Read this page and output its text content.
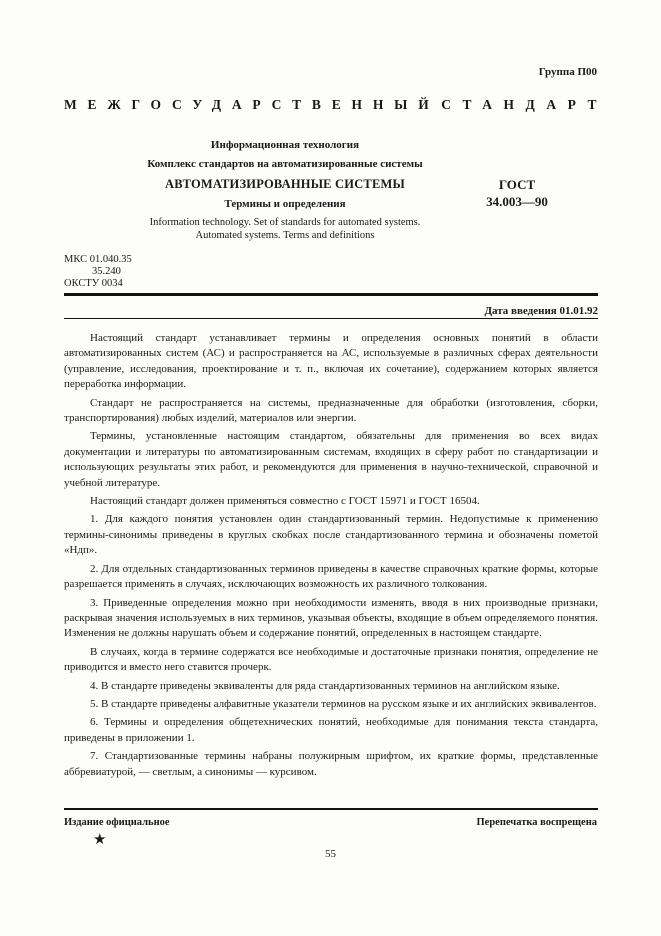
Группа П00
МЕЖГОСУДАРСТВЕННЫЙ СТАНДАРТ
Информационная технология
Комплекс стандартов на автоматизированные системы
АВТОМАТИЗИРОВАННЫЕ СИСТЕМЫ
Термины и определения
Information technology. Set of standards for automated systems.
Automated systems. Terms and definitions
ГОСТ
34.003—90
МКС 01.040.35
35.240
ОКСТУ 0034
Дата введения 01.01.92

Настоящий стандарт устанавливает термины и определения основных понятий в области автоматизированных систем (АС) и распространяется на АС, используемые в различных сферах деятельности (управление, исследования, проектирование и т. п., включая их сочетание), содержанием которых является переработка информации.

Стандарт не распространяется на системы, предназначенные для обработки (изготовления, сборки, транспортирования) любых изделий, материалов или энергии.

Термины, установленные настоящим стандартом, обязательны для применения во всех видах документации и литературы по автоматизированным системам, входящих в сферу работ по стандартизации и использующих результаты этих работ, и рекомендуются для применения в научно-технической, справочной и учебной литературе.

Настоящий стандарт должен применяться совместно с ГОСТ 15971 и ГОСТ 16504.

1. Для каждого понятия установлен один стандартизованный термин. Недопустимые к применению термины-синонимы приведены в круглых скобках после стандартизованного термина и обозначены пометой «Ндп».

2. Для отдельных стандартизованных терминов приведены в качестве справочных краткие формы, которые разрешается применять в случаях, исключающих возможность их различного толкования.

3. Приведенные определения можно при необходимости изменять, вводя в них производные признаки, раскрывая значения используемых в них терминов, указывая объекты, входящие в объем определяемого понятия. Изменения не должны нарушать объем и содержание понятий, определенных в настоящем стандарте.

В случаях, когда в термине содержатся все необходимые и достаточные признаки понятия, определение не приводится и вместо него ставится прочерк.

4. В стандарте приведены эквиваленты для ряда стандартизованных терминов на английском языке.

5. В стандарте приведены алфавитные указатели терминов на русском языке и их английских эквивалентов.

6. Термины и определения общетехнических понятий, необходимые для понимания текста стандарта, приведены в приложении 1.

7. Стандартизованные термины набраны полужирным шрифтом, их краткие формы, представленные аббревиатурой, — светлым, а синонимы — курсивом.

Издание официальное	Перепечатка воспрещена
★
55
